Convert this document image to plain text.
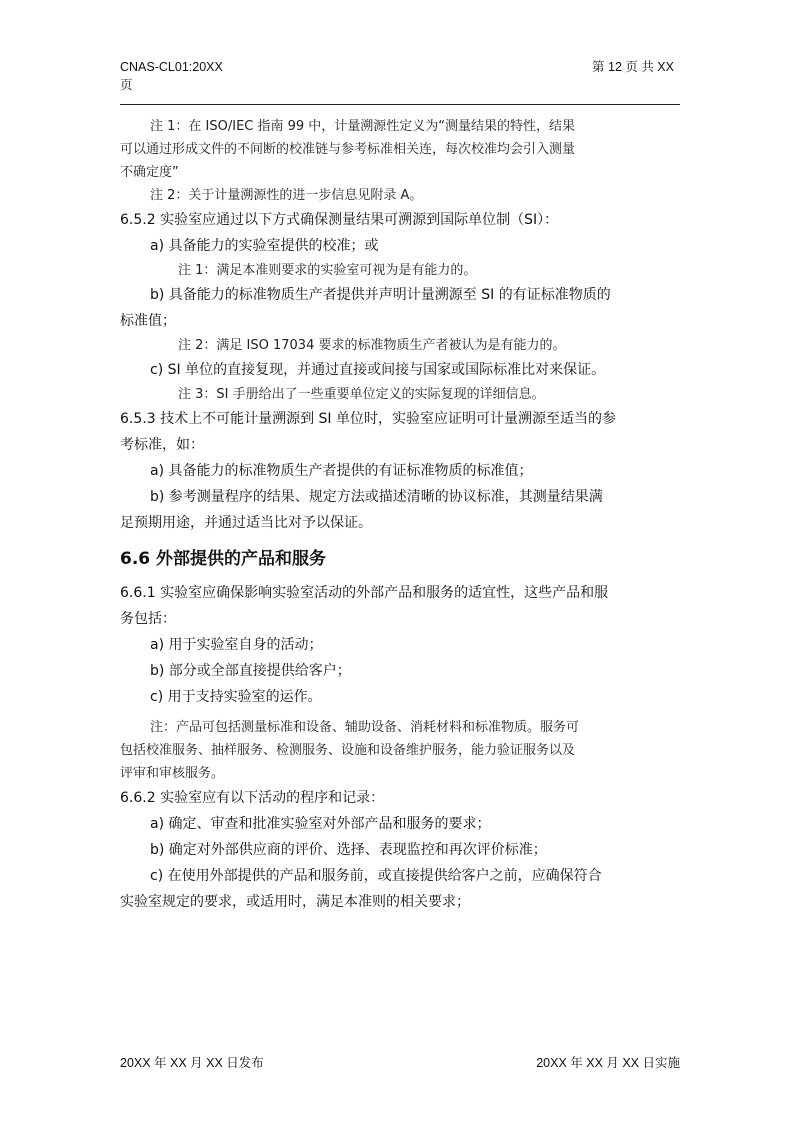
CNAS-CL01:20XX
页
第 12 页 共 XX

注 1：在 ISO/IEC 指南 99 中，计量溯源性定义为“测量结果的特性，结果

可以通过形成文件的不间断的校准链与参考标准相关连，每次校准均会引入测量

不确定度”

注 2：关于计量溯源性的进一步信息见附录 A。

6.5.2 实验室应通过以下方式确保测量结果可溯源到国际单位制（SI）：

a) 具备能力的实验室提供的校准；或

注 1：满足本准则要求的实验室可视为是有能力的。

b) 具备能力的标准物质生产者提供并声明计量溯源至 SI 的有证标准物质的

标准值；

注 2：满足 ISO 17034 要求的标准物质生产者被认为是有能力的。

c) SI 单位的直接复现，并通过直接或间接与国家或国际标准比对来保证。

注 3：SI 手册给出了一些重要单位定义的实际复现的详细信息。

6.5.3 技术上不可能计量溯源到 SI 单位时，实验室应证明可计量溯源至适当的参

考标准，如：

a) 具备能力的标准物质生产者提供的有证标准物质的标准值；

b) 参考测量程序的结果、规定方法或描述清晰的协议标准，其测量结果满

足预期用途，并通过适当比对予以保证。

6.6 外部提供的产品和服务

6.6.1 实验室应确保影响实验室活动的外部产品和服务的适宜性，这些产品和服

务包括：

a) 用于实验室自身的活动；

b) 部分或全部直接提供给客户；

c) 用于支持实验室的运作。

注：产品可包括测量标准和设备、辅助设备、消耗材料和标准物质。服务可

包括校准服务、抽样服务、检测服务、设施和设备维护服务，能力验证服务以及

评审和审核服务。

6.6.2 实验室应有以下活动的程序和记录：

a) 确定、审查和批准实验室对外部产品和服务的要求；

b) 确定对外部供应商的评价、选择、表现监控和再次评价标准；

c) 在使用外部提供的产品和服务前，或直接提供给客户之前，应确保符合

实验室规定的要求，或适用时，满足本准则的相关要求；

20XX 年 XX 月 XX 日发布	20XX 年 XX 月 XX 日实施
